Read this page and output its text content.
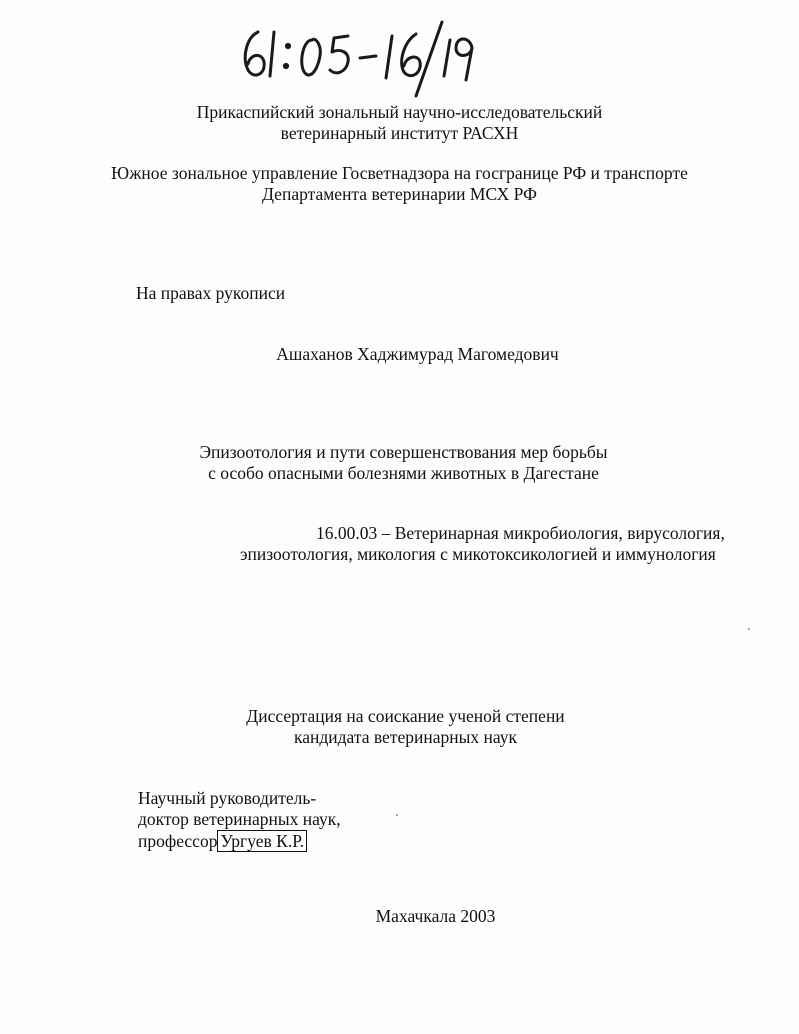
Прикаспийский зональный научно-исследовательский
ветеринарный институт РАСХН
Южное зональное управление Госветнадзора на госгранице РФ и транспорте
Департамента ветеринарии МСХ РФ
На правах рукописи
Ашаханов Хаджимурад Магомедович
Эпизоотология и пути совершенствования мер борьбы
с особо опасными болезнями животных в Дагестане
16.00.03 – Ветеринарная микробиология, вирусология,
эпизоотология, микология с микотоксикологией и иммунология
Диссертация на соискание ученой степени
кандидата ветеринарных наук
Научный руководитель-
доктор ветеринарных наук,
профессор Ургуев К.Р.
Махачкала 2003
